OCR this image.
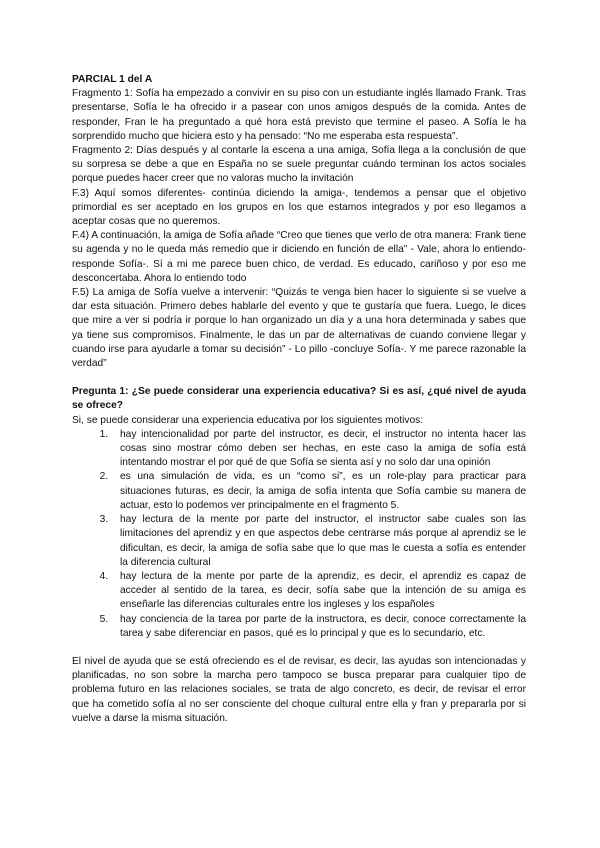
PARCIAL 1 del A

Fragmento 1: Sofía ha empezado a convivir en su piso con un estudiante inglés llamado Frank. Tras presentarse, Sofía le ha ofrecido ir a pasear con unos amigos después de la comida. Antes de responder, Fran le ha preguntado a qué hora está previsto que termine el paseo. A Sofía le ha sorprendido mucho que hiciera esto y ha pensado: “No me esperaba esta respuesta”.

Fragmento 2: Días después y al contarle la escena a una amiga, Sofía llega a la conclusión de que su sorpresa se debe a que en España no se suele preguntar cuándo terminan los actos sociales porque puedes hacer creer que no valoras mucho la invitación

F.3) Aquí somos diferentes- continúa diciendo la amiga-, tendemos a pensar que el objetivo primordial es ser aceptado en los grupos en los que estamos integrados y por eso llegamos a aceptar cosas que no queremos.

F.4) A continuación, la amiga de Sofía añade “Creo que tienes que verlo de otra manera: Frank tiene su agenda y no le queda más remedio que ir diciendo en función de ella” - Vale, ahora lo entiendo- responde Sofía-. Sí a mi me parece buen chico, de verdad. Es educado, cariñoso y por eso me desconcertaba. Ahora lo entiendo todo

F.5) La amiga de Sofía vuelve a intervenir: “Quizás te venga bien hacer lo siguiente si se vuelve a dar esta situación. Primero debes hablarle del evento y que te gustaría que fuera. Luego, le dices que mire a ver si podría ir porque lo han organizado un día y a una hora determinada y sabes que ya tiene sus compromisos. Finalmente, le das un par de alternativas de cuando conviene llegar y cuando irse para ayudarle a tomar su decisión” - Lo pillo -concluye Sofía-. Y me parece razonable la verdad”

Pregunta 1: ¿Se puede considerar una experiencia educativa? Si es así, ¿qué nivel de ayuda se ofrece?

Si, se puede considerar una experiencia educativa por los siguientes motivos:

1. hay intencionalidad por parte del instructor, es decir, el instructor no intenta hacer las cosas sino mostrar cómo deben ser hechas, en este caso la amiga de sofía está intentando mostrar el por qué de que Sofía se sienta así y no solo dar una opinión
2. es una simulación de vida, es un “como si”, es un role-play para practicar para situaciones futuras, es decir, la amiga de sofía intenta que Sofía cambie su manera de actuar, esto lo podemos ver principalmente en el fragmento 5.
3. hay lectura de la mente por parte del instructor, el instructor sabe cuales son las limitaciones del aprendiz y en que aspectos debe centrarse más porque al aprendiz se le dificultan, es decir, la amiga de sofía sabe que lo que mas le cuesta a sofía es entender la diferencia cultural
4. hay lectura de la mente por parte de la aprendiz, es decir, el aprendiz es capaz de acceder al sentido de la tarea, es decir, sofía sabe que la intención de su amiga es enseñarle las diferencias culturales entre los ingleses y los españoles
5. hay conciencia de la tarea por parte de la instructora, es decir, conoce correctamente la tarea y sabe diferenciar en pasos, qué es lo principal y que es lo secundario, etc.

El nivel de ayuda que se está ofreciendo es el de revisar, es decir, las ayudas son intencionadas y planificadas, no son sobre la marcha pero tampoco se busca preparar para cualquier tipo de problema futuro en las relaciones sociales, se trata de algo concreto, es decir, de revisar el error que ha cometido sofía al no ser consciente del choque cultural entre ella y fran y prepararla por si vuelve a darse la misma situación.
